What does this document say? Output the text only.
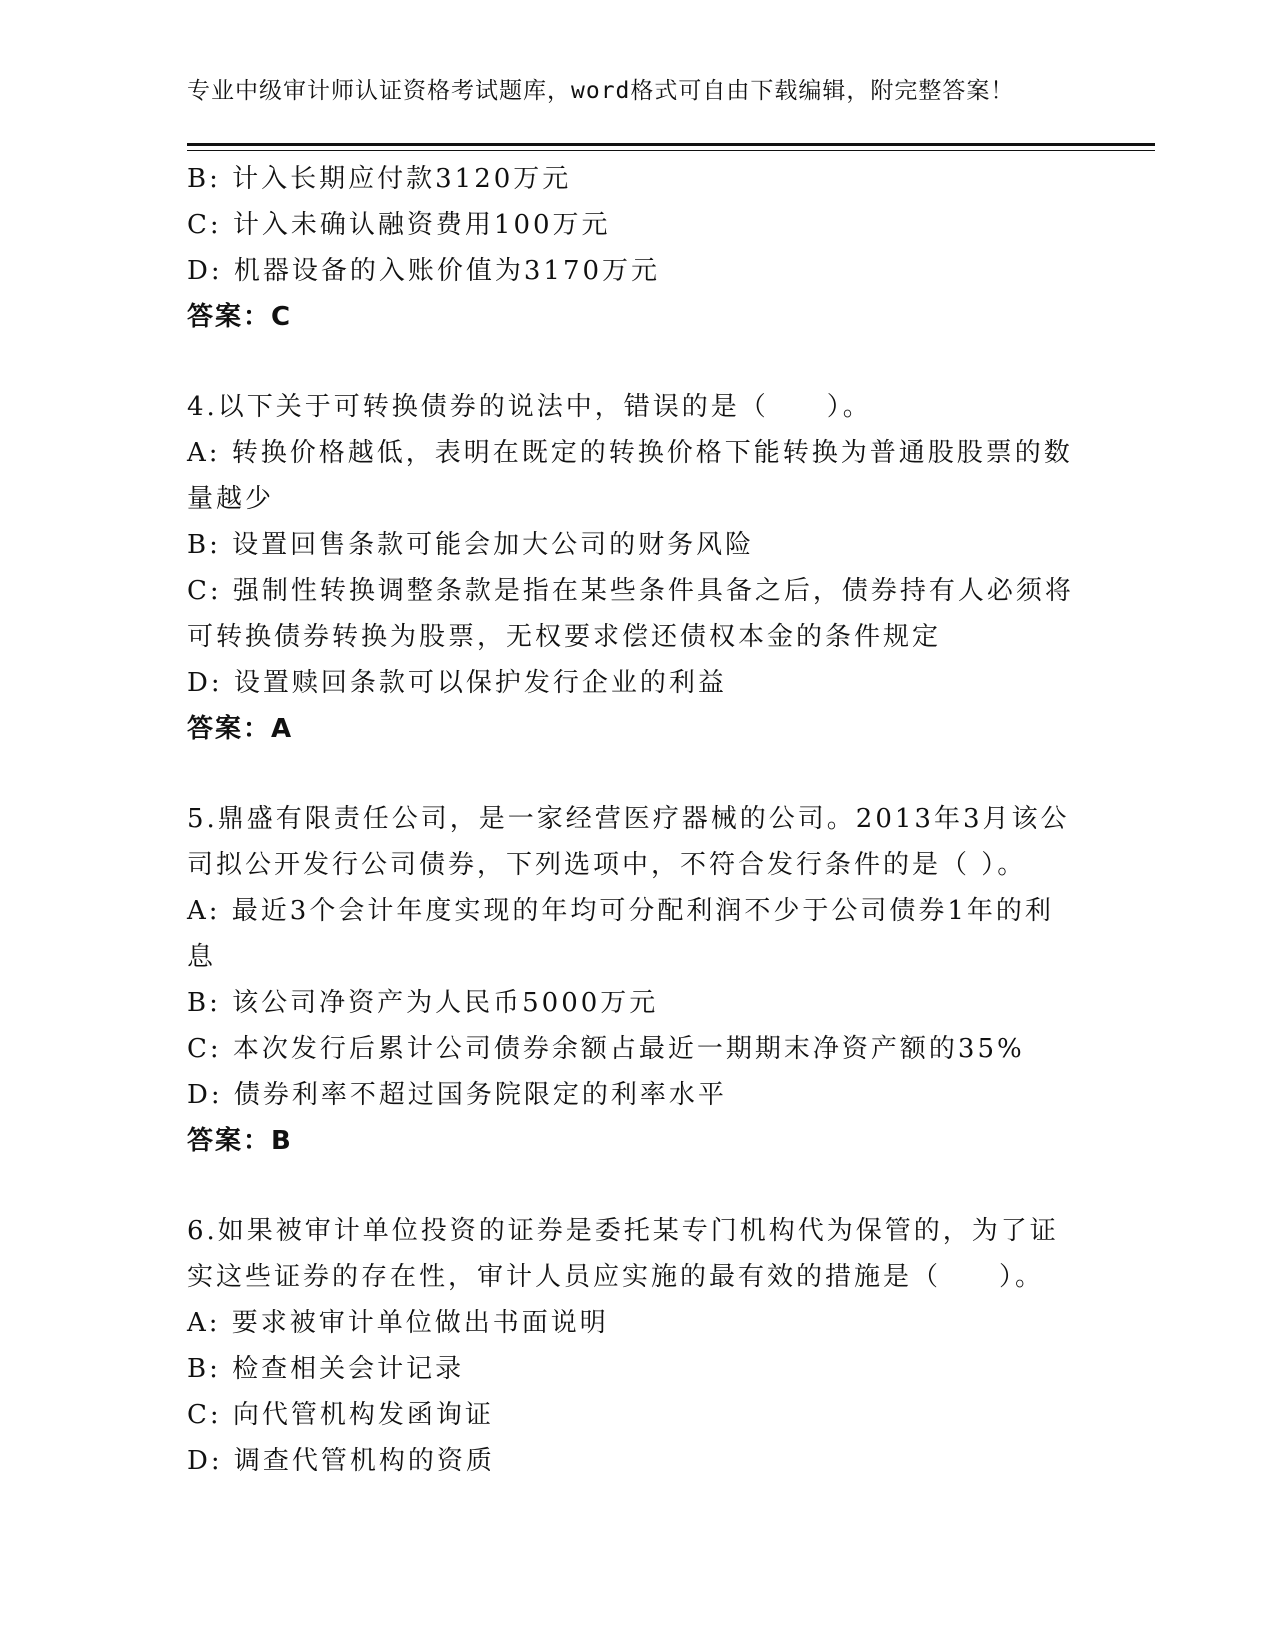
专业中级审计师认证资格考试题库，word格式可自由下载编辑，附完整答案！
B: 计入长期应付款3120万元
C: 计入未确认融资费用100万元
D: 机器设备的入账价值为3170万元
答案：C
4.以下关于可转换债券的说法中，错误的是（　　）。
A: 转换价格越低，表明在既定的转换价格下能转换为普通股股票的数
量越少
B: 设置回售条款可能会加大公司的财务风险
C: 强制性转换调整条款是指在某些条件具备之后，债券持有人必须将
可转换债券转换为股票，无权要求偿还债权本金的条件规定
D: 设置赎回条款可以保护发行企业的利益
答案：A
5.鼎盛有限责任公司，是一家经营医疗器械的公司。2013年3月该公
司拟公开发行公司债券，下列选项中，不符合发行条件的是（ ）。
A: 最近3个会计年度实现的年均可分配利润不少于公司债券1年的利
息
B: 该公司净资产为人民币5000万元
C: 本次发行后累计公司债券余额占最近一期期末净资产额的35%
D: 债券利率不超过国务院限定的利率水平
答案：B
6.如果被审计单位投资的证券是委托某专门机构代为保管的，为了证
实这些证券的存在性，审计人员应实施的最有效的措施是（　　）。
A: 要求被审计单位做出书面说明
B: 检查相关会计记录
C: 向代管机构发函询证
D: 调查代管机构的资质
